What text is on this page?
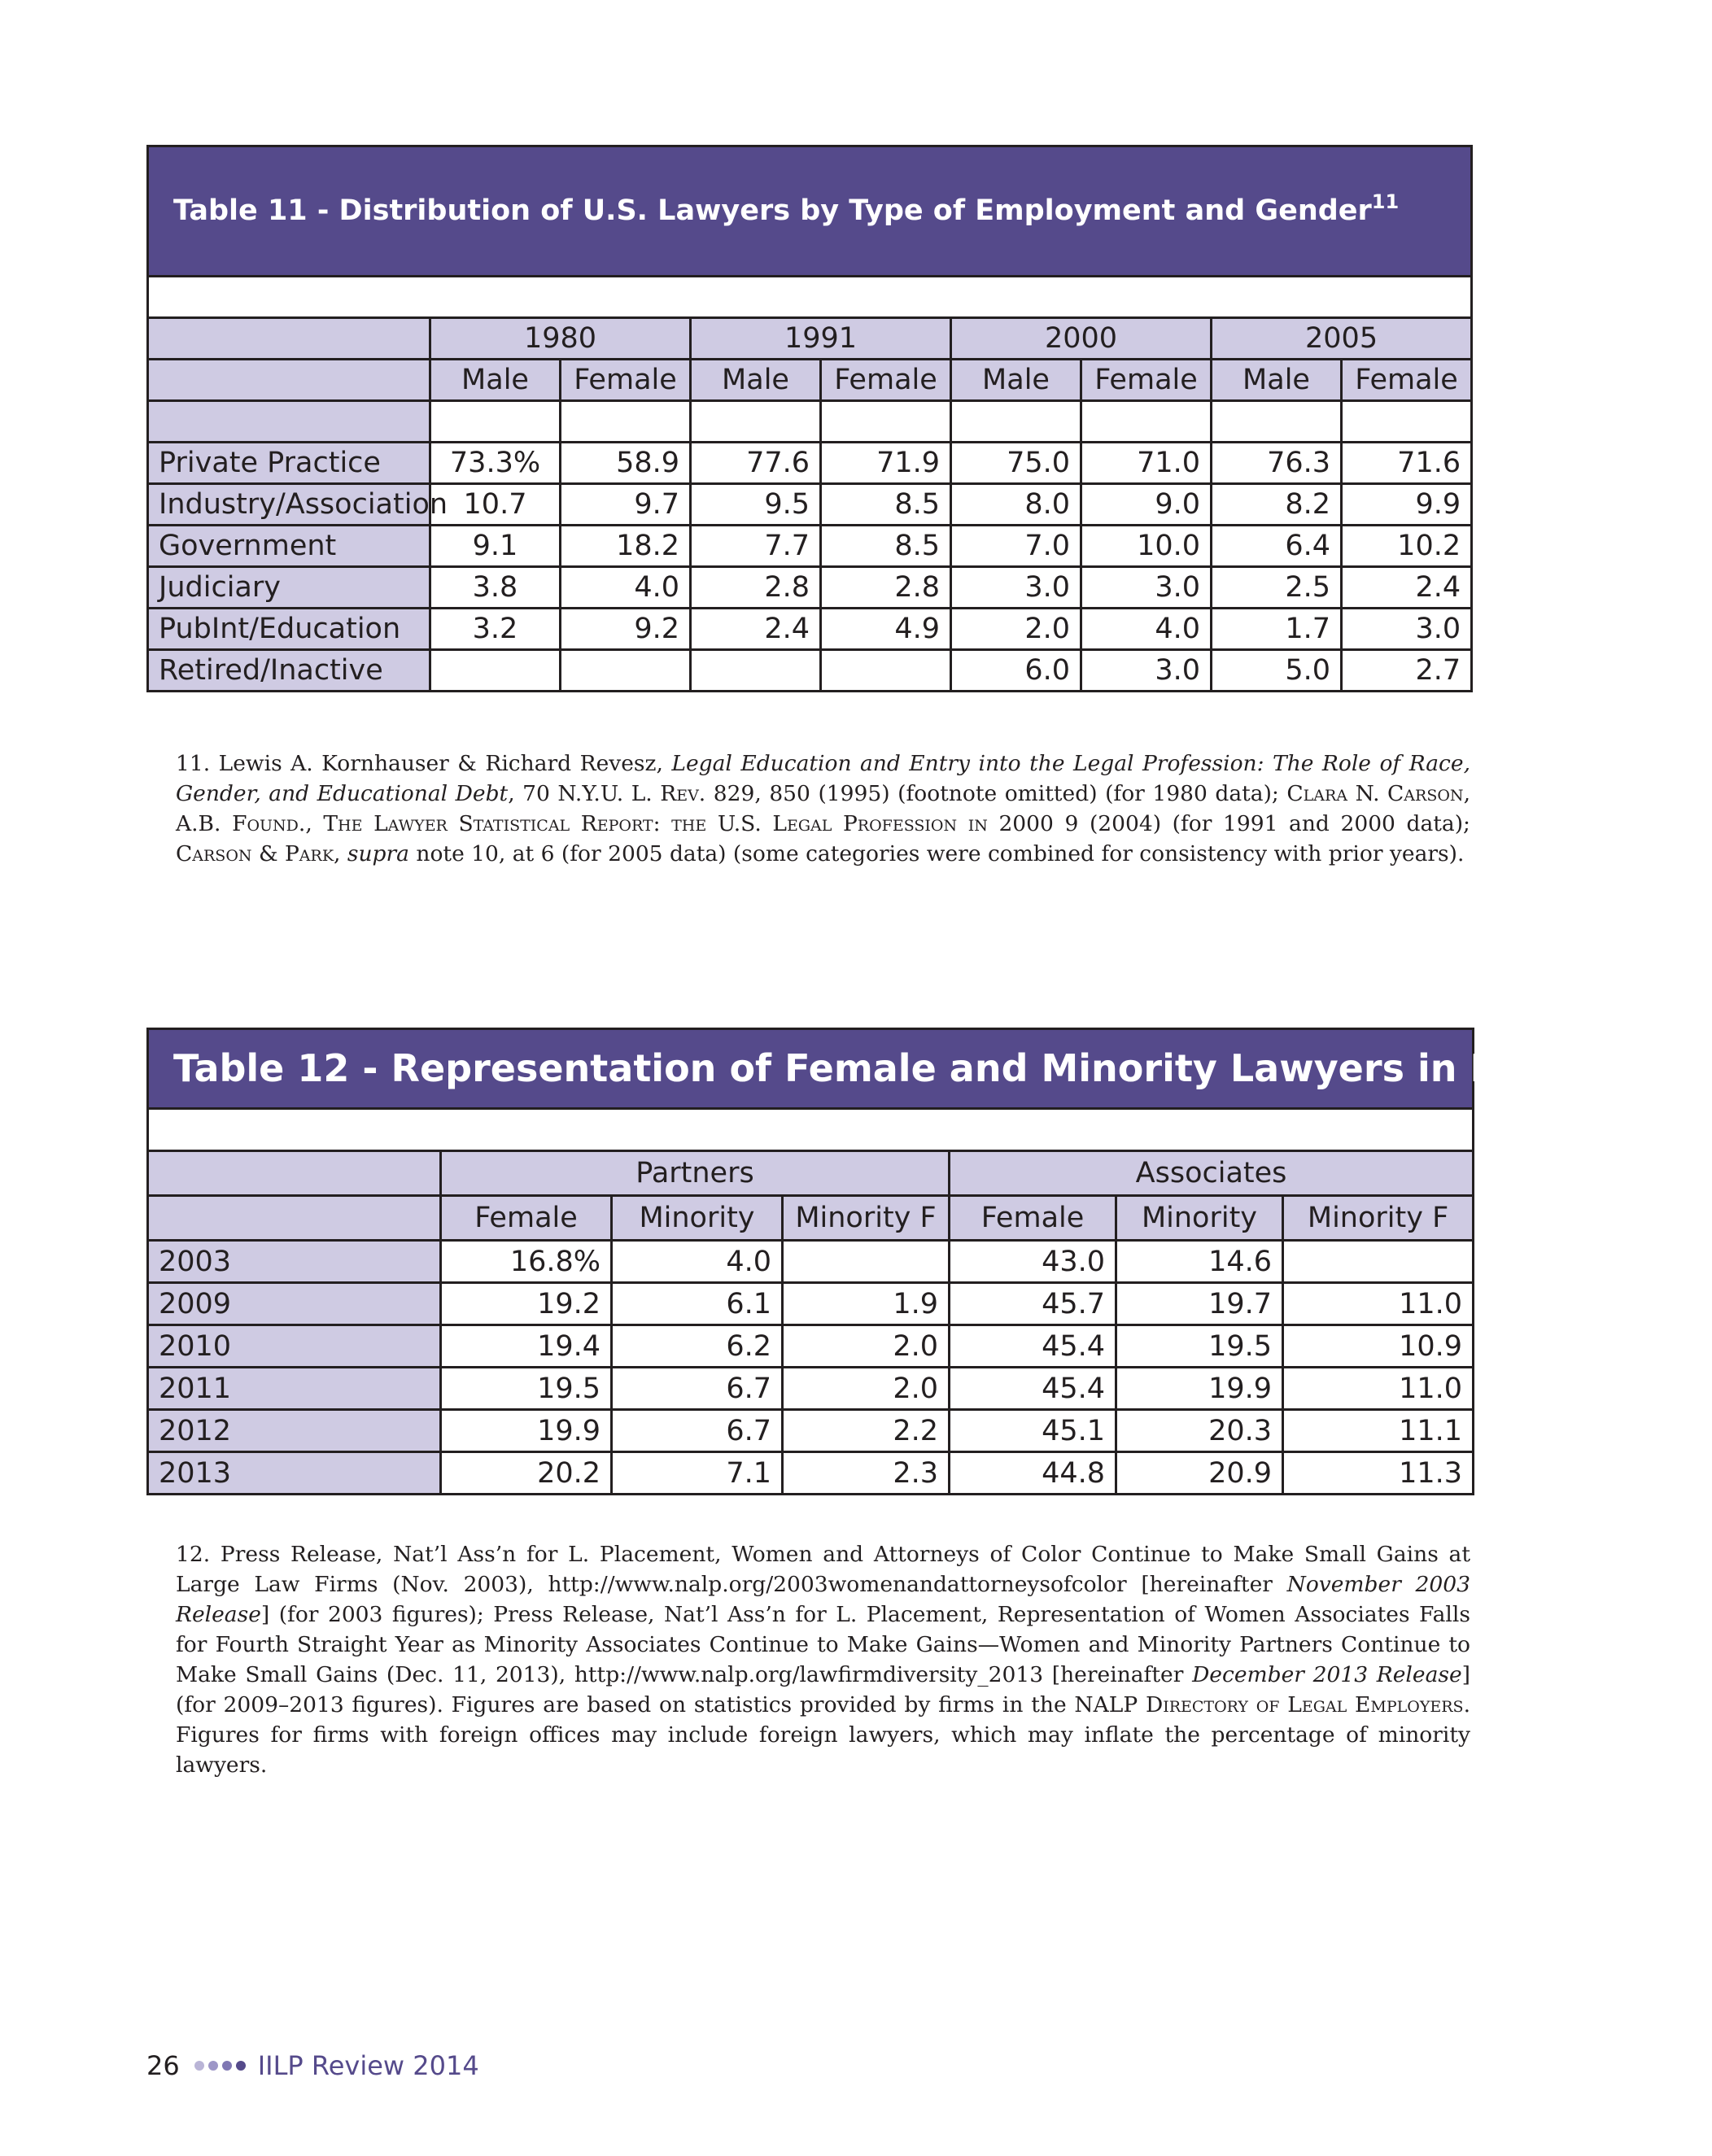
Table 11 - Distribution of U.S. Lawyers by Type of Employment and Gender$^{11}$

	1980		1991		2000		2005	
	Male	Female	Male	Female	Male	Female	Male	Female

Private Practice	73.3%	58.9	77.6	71.9	75.0	71.0	76.3	71.6
Industry/Association	10.7	9.7	9.5	8.5	8.0	9.0	8.2	9.9
Government	9.1	18.2	7.7	8.5	7.0	10.0	6.4	10.2
Judiciary	3.8	4.0	2.8	2.8	3.0	3.0	2.5	2.4
PubInt/Education	3.2	9.2	2.4	4.9	2.0	4.0	1.7	3.0
Retired/Inactive					6.0	3.0	5.0	2.7
11. Lewis A. Kornhauser & Richard Revesz, Legal Education and Entry into the Legal Profession: The Role of Race, Gender, and Educational Debt, 70 N.Y.U. L. Rev. 829, 850 (1995) (footnote omitted) (for 1980 data); Clara N. Carson, A.B. Found., The Lawyer Statistical Report: the U.S. Legal Profession in 2000 9 (2004) (for 1991 and 2000 data); Carson & Park, supra note 10, at 6 (for 2005 data) (some categories were combined for consistency with prior years).
Table 12 - Representation of Female and Minority Lawyers in Law Firms$^{12}$

	Partners			Associates		
	Female	Minority	Minority F	Female	Minority	Minority F
2003	16.8%	4.0		43.0	14.6	
2009	19.2	6.1	1.9	45.7	19.7	11.0
2010	19.4	6.2	2.0	45.4	19.5	10.9
2011	19.5	6.7	2.0	45.4	19.9	11.0
2012	19.9	6.7	2.2	45.1	20.3	11.1
2013	20.2	7.1	2.3	44.8	20.9	11.3
12. Press Release, Nat’l Ass’n for L. Placement, Women and Attorneys of Color Continue to Make Small Gains at Large Law Firms (Nov. 2003), http://www.nalp.org/2003womenandattorneysofcolor [hereinafter November 2003 Release] (for 2003 figures); Press Release, Nat’l Ass’n for L. Placement, Representation of Women Associates Falls for Fourth Straight Year as Minority Associates Continue to Make Gains—Women and Minority Partners Continue to Make Small Gains (Dec. 11, 2013), http://www.nalp.org/lawfirmdiversity_2013 [hereinafter December 2013 Release] (for 2009–2013 figures). Figures are based on statistics provided by firms in the NALP Directory of Legal Employers. Figures for firms with foreign offices may include foreign lawyers, which may inflate the percentage of minority lawyers.
26	IILP Review 2014
